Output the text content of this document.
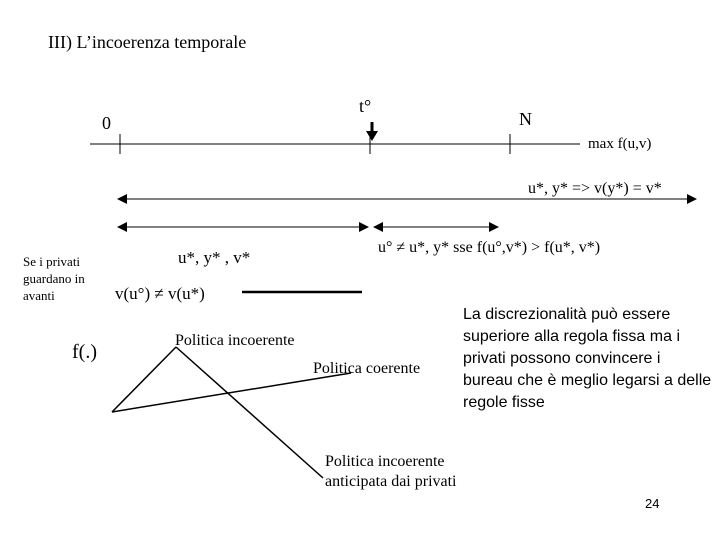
III) L’incoerenza temporale
0
t°
N
max f(u,v)
u*, y* => v(y*) = v*
u° ≠ u*, y* sse f(u°,v*) > f(u*, v*)
u*, y* , v*
v(u°) ≠ v(u*)
Se i privati guardano in avanti
f(.)
Politica incoerente
Politica coerente
Politica incoerente anticipata dai privati
La discrezionalità può essere superiore alla regola fissa ma i privati possono convincere i bureau che è meglio legarsi a delle regole fisse
24
